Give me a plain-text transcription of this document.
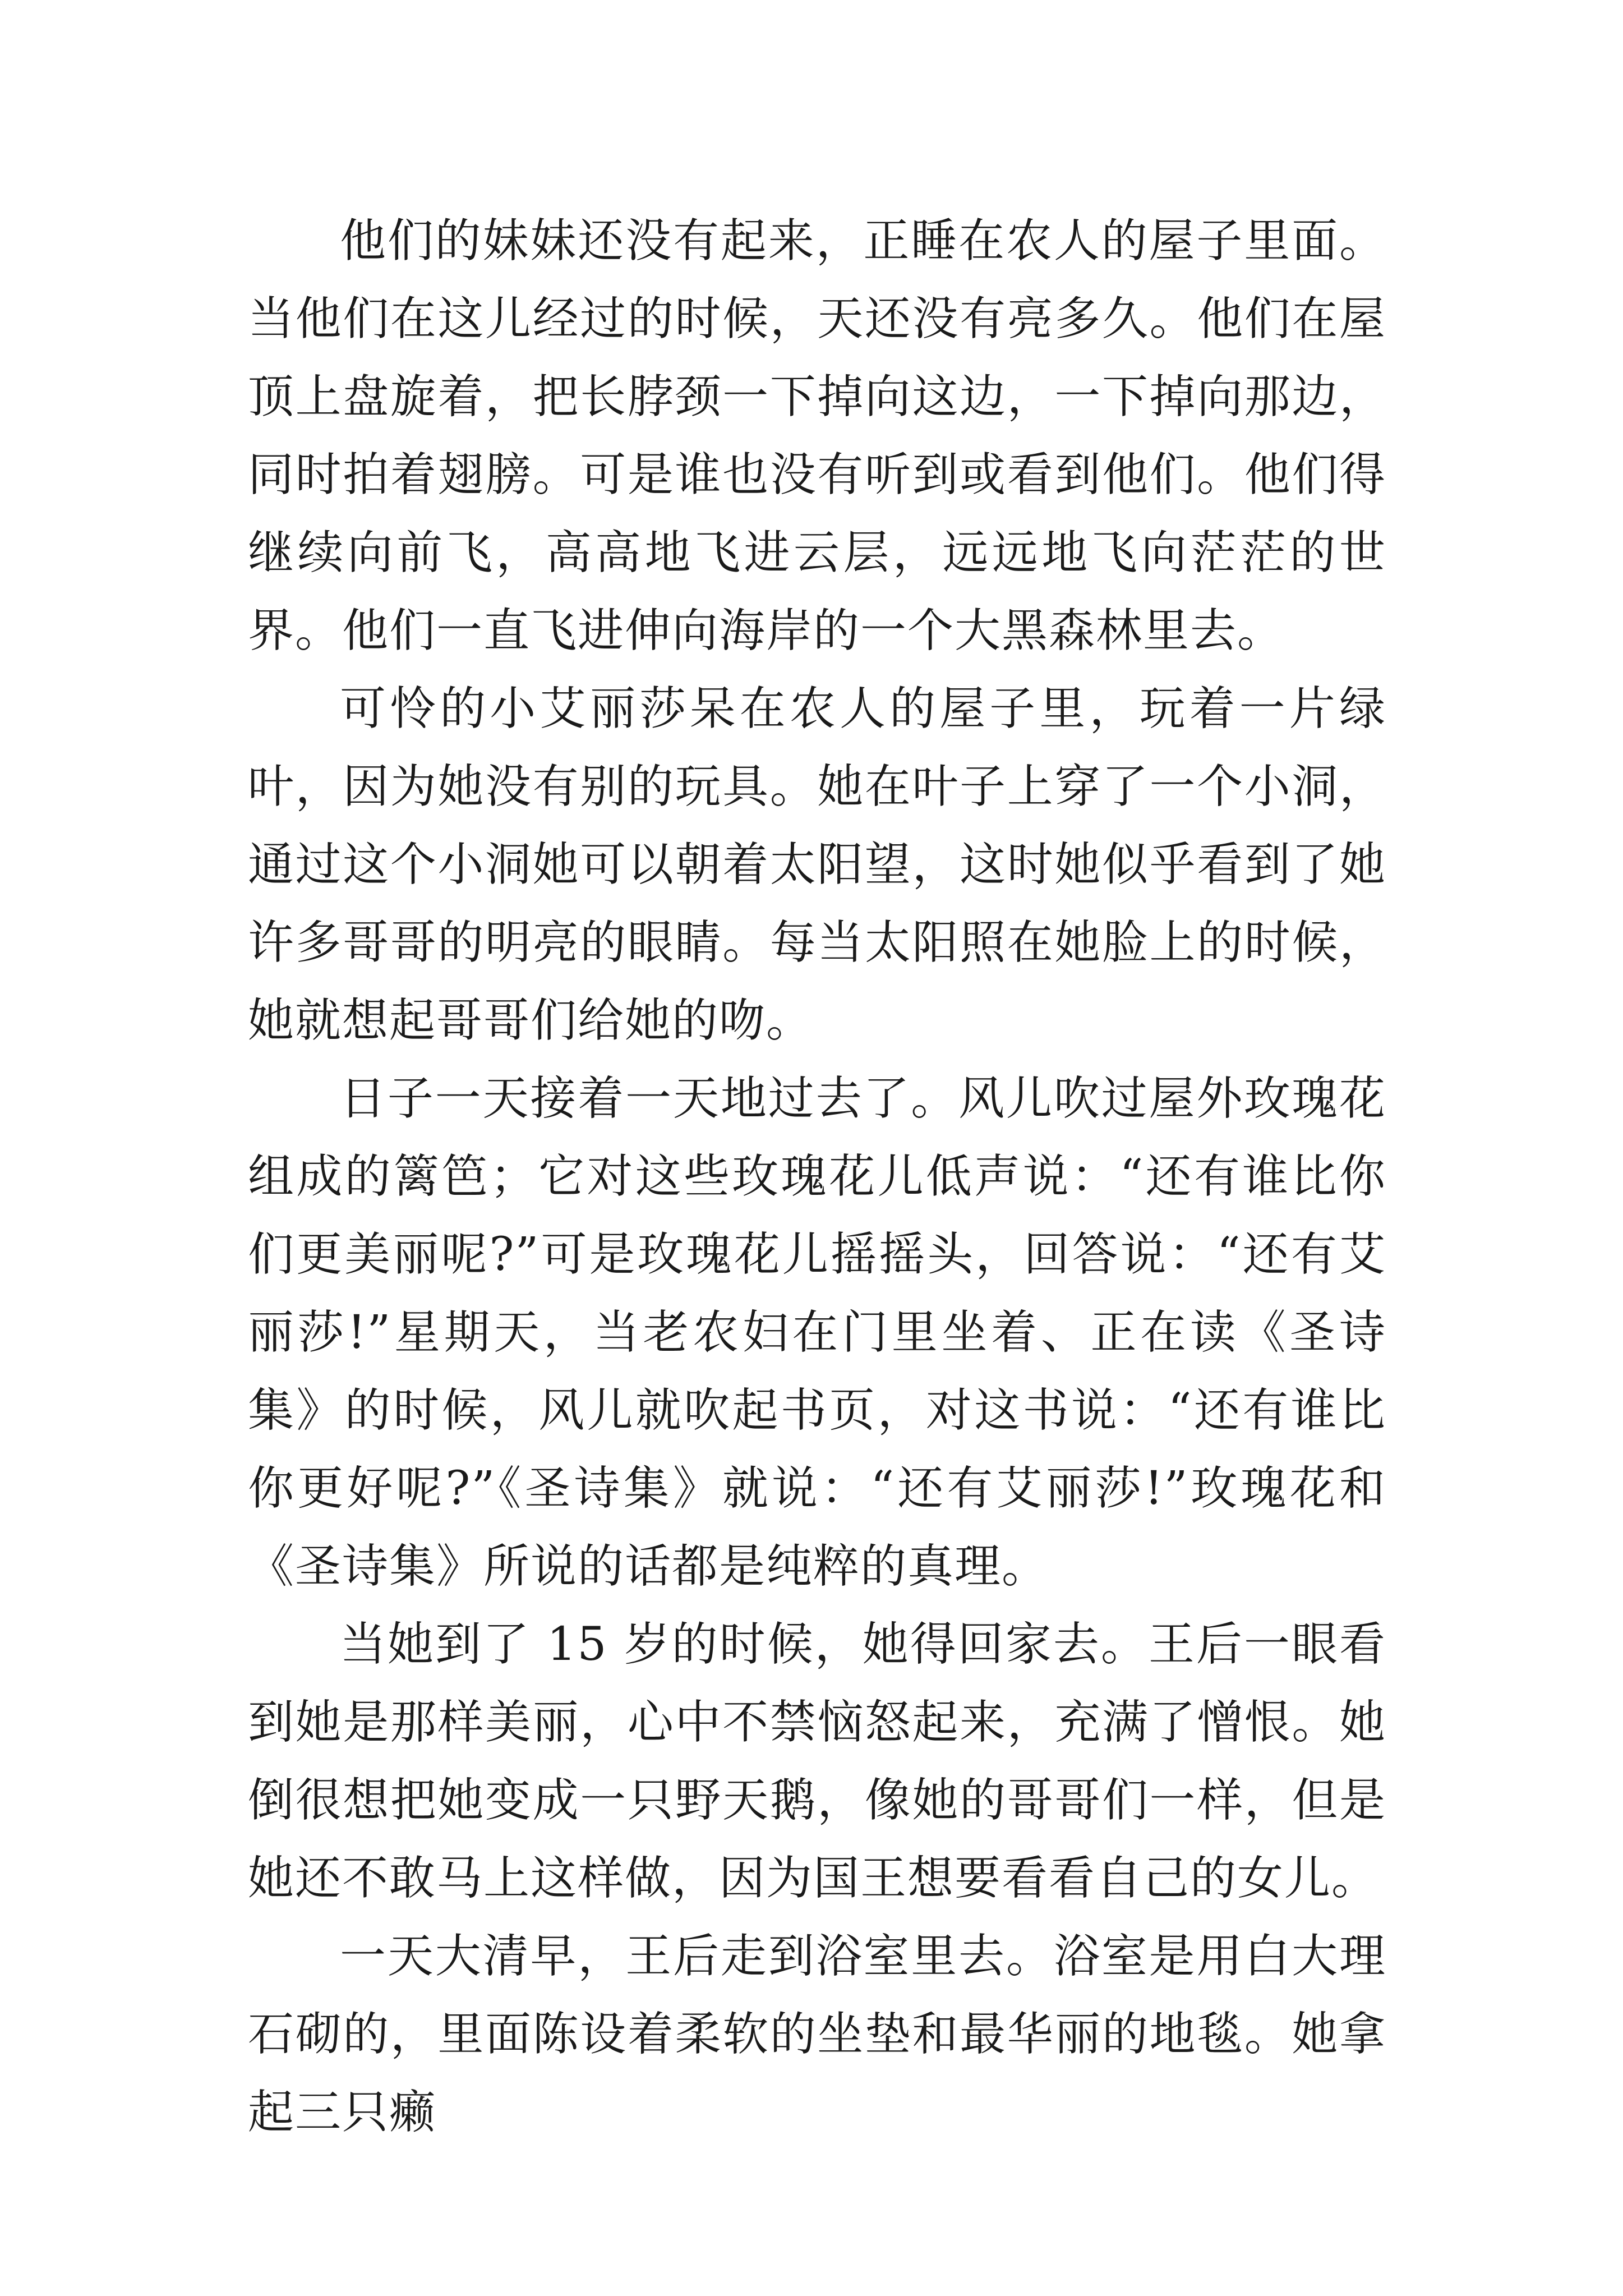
他们的妹妹还没有起来，正睡在农人的屋子里面。当他们在这儿经过的时候，天还没有亮多久。他们在屋顶上盘旋着，把长脖颈一下掉向这边，一下掉向那边，同时拍着翅膀。可是谁也没有听到或看到他们。他们得继续向前飞，高高地飞进云层，远远地飞向茫茫的世界。他们一直飞进伸向海岸的一个大黑森林里去。

可怜的小艾丽莎呆在农人的屋子里，玩着一片绿叶，因为她没有别的玩具。她在叶子上穿了一个小洞，通过这个小洞她可以朝着太阳望，这时她似乎看到了她许多哥哥的明亮的眼睛。每当太阳照在她脸上的时候，她就想起哥哥们给她的吻。

日子一天接着一天地过去了。风儿吹过屋外玫瑰花组成的篱笆；它对这些玫瑰花儿低声说：“还有谁比你们更美丽呢?”可是玫瑰花儿摇摇头，回答说：“还有艾丽莎!”星期天，当老农妇在门里坐着、正在读《圣诗集》的时候，风儿就吹起书页，对这书说：“还有谁比你更好呢?”《圣诗集》就说：“还有艾丽莎!”玫瑰花和《圣诗集》所说的话都是纯粹的真理。

当她到了 15 岁的时候，她得回家去。王后一眼看到她是那样美丽，心中不禁恼怒起来，充满了憎恨。她倒很想把她变成一只野天鹅，像她的哥哥们一样，但是她还不敢马上这样做，因为国王想要看看自己的女儿。

一天大清早，王后走到浴室里去。浴室是用白大理石砌的，里面陈设着柔软的坐垫和最华丽的地毯。她拿起三只癞
